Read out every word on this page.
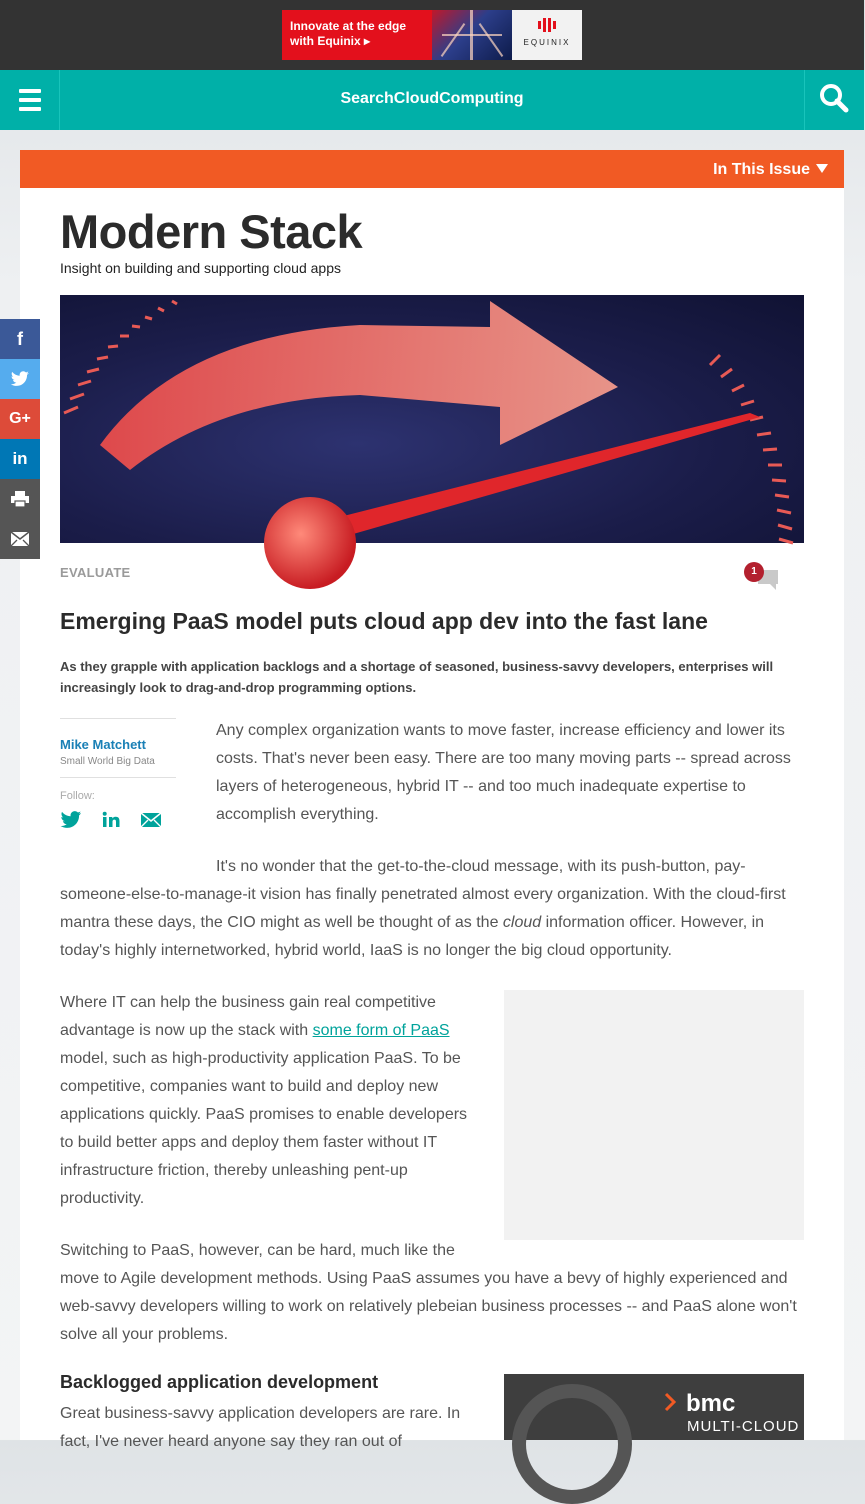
Innovate at the edge
with Equinix ▸	EQUINIX
SearchCloudComputing
In This Issue
Modern Stack
Insight on building and supporting cloud apps
EVALUATE	1
Emerging PaaS model puts cloud app dev into the fast lane
As they grapple with application backlogs and a shortage of seasoned, business-savvy developers, enterprises will increasingly look to drag-and-drop programming options.
Mike Matchett
Small World Big Data
Follow:

Any complex organization wants to move faster, increase efficiency and lower its costs. That's never been easy. There are too many moving parts -- spread across layers of heterogeneous, hybrid IT -- and too much inadequate expertise to accomplish everything.

It's no wonder that the get-to-the-cloud message, with its push-button, pay-someone-else-to-manage-it vision has finally penetrated almost every organization. With the cloud-first mantra these days, the CIO might as well be thought of as the cloud information officer. However, in today's highly internetworked, hybrid world, IaaS is no longer the big cloud opportunity.

Where IT can help the business gain real competitive advantage is now up the stack with some form of PaaS model, such as high-productivity application PaaS. To be competitive, companies want to build and deploy new applications quickly. PaaS promises to enable developers to build better apps and deploy them faster without IT infrastructure friction, thereby unleashing pent-up productivity.

Switching to PaaS, however, can be hard, much like the
move to Agile development methods. Using PaaS assumes you have a bevy of highly experienced and web-savvy developers willing to work on relatively plebeian business processes -- and PaaS alone won't solve all your problems.

Backlogged application development

Great business-savvy application developers are rare. In fact, I've never heard anyone say they ran out of

bmc
MULTI-CLOUD
f
G+
in
